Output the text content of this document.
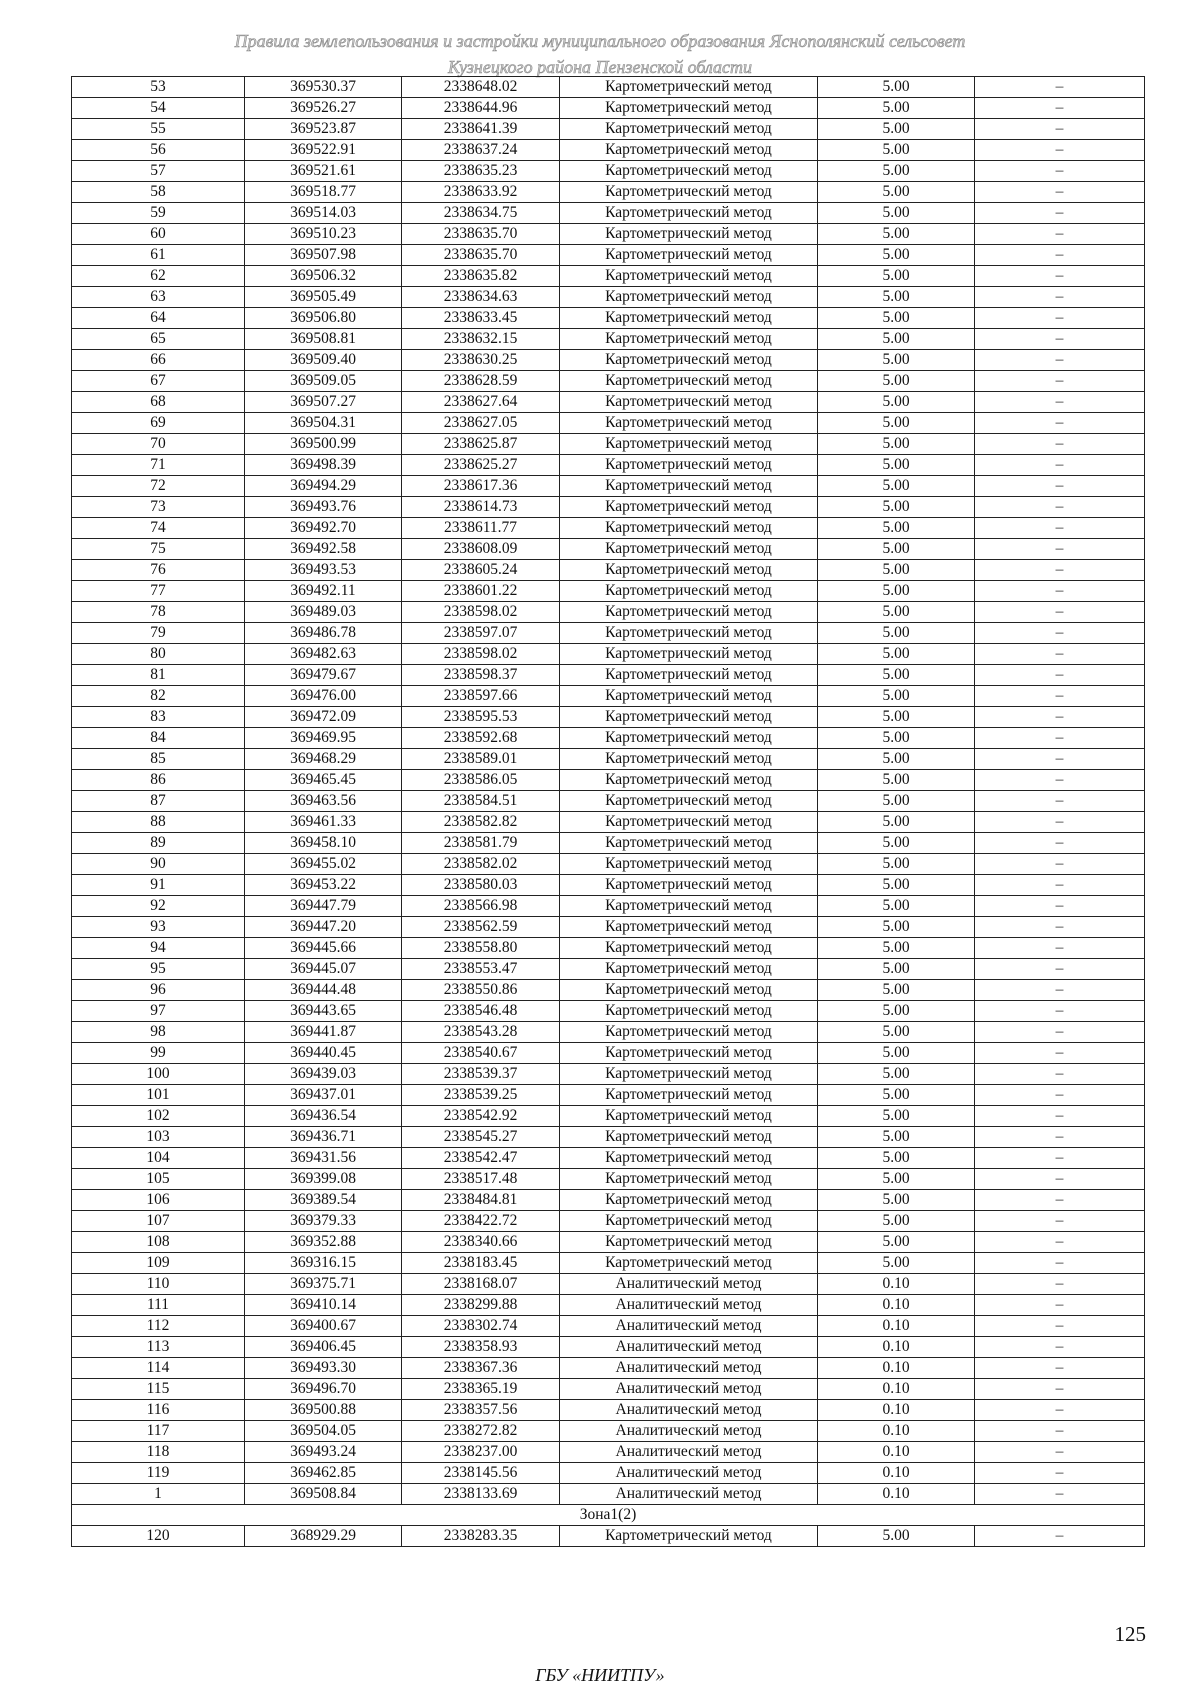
Правила землепользования и застройки муниципального образования Яснополянский сельсовет
Кузнецкого района Пензенской области
53	369530.37	2338648.02	Картометрический метод	5.00	–
54	369526.27	2338644.96	Картометрический метод	5.00	–
55	369523.87	2338641.39	Картометрический метод	5.00	–
56	369522.91	2338637.24	Картометрический метод	5.00	–
57	369521.61	2338635.23	Картометрический метод	5.00	–
58	369518.77	2338633.92	Картометрический метод	5.00	–
59	369514.03	2338634.75	Картометрический метод	5.00	–
60	369510.23	2338635.70	Картометрический метод	5.00	–
61	369507.98	2338635.70	Картометрический метод	5.00	–
62	369506.32	2338635.82	Картометрический метод	5.00	–
63	369505.49	2338634.63	Картометрический метод	5.00	–
64	369506.80	2338633.45	Картометрический метод	5.00	–
65	369508.81	2338632.15	Картометрический метод	5.00	–
66	369509.40	2338630.25	Картометрический метод	5.00	–
67	369509.05	2338628.59	Картометрический метод	5.00	–
68	369507.27	2338627.64	Картометрический метод	5.00	–
69	369504.31	2338627.05	Картометрический метод	5.00	–
70	369500.99	2338625.87	Картометрический метод	5.00	–
71	369498.39	2338625.27	Картометрический метод	5.00	–
72	369494.29	2338617.36	Картометрический метод	5.00	–
73	369493.76	2338614.73	Картометрический метод	5.00	–
74	369492.70	2338611.77	Картометрический метод	5.00	–
75	369492.58	2338608.09	Картометрический метод	5.00	–
76	369493.53	2338605.24	Картометрический метод	5.00	–
77	369492.11	2338601.22	Картометрический метод	5.00	–
78	369489.03	2338598.02	Картометрический метод	5.00	–
79	369486.78	2338597.07	Картометрический метод	5.00	–
80	369482.63	2338598.02	Картометрический метод	5.00	–
81	369479.67	2338598.37	Картометрический метод	5.00	–
82	369476.00	2338597.66	Картометрический метод	5.00	–
83	369472.09	2338595.53	Картометрический метод	5.00	–
84	369469.95	2338592.68	Картометрический метод	5.00	–
85	369468.29	2338589.01	Картометрический метод	5.00	–
86	369465.45	2338586.05	Картометрический метод	5.00	–
87	369463.56	2338584.51	Картометрический метод	5.00	–
88	369461.33	2338582.82	Картометрический метод	5.00	–
89	369458.10	2338581.79	Картометрический метод	5.00	–
90	369455.02	2338582.02	Картометрический метод	5.00	–
91	369453.22	2338580.03	Картометрический метод	5.00	–
92	369447.79	2338566.98	Картометрический метод	5.00	–
93	369447.20	2338562.59	Картометрический метод	5.00	–
94	369445.66	2338558.80	Картометрический метод	5.00	–
95	369445.07	2338553.47	Картометрический метод	5.00	–
96	369444.48	2338550.86	Картометрический метод	5.00	–
97	369443.65	2338546.48	Картометрический метод	5.00	–
98	369441.87	2338543.28	Картометрический метод	5.00	–
99	369440.45	2338540.67	Картометрический метод	5.00	–
100	369439.03	2338539.37	Картометрический метод	5.00	–
101	369437.01	2338539.25	Картометрический метод	5.00	–
102	369436.54	2338542.92	Картометрический метод	5.00	–
103	369436.71	2338545.27	Картометрический метод	5.00	–
104	369431.56	2338542.47	Картометрический метод	5.00	–
105	369399.08	2338517.48	Картометрический метод	5.00	–
106	369389.54	2338484.81	Картометрический метод	5.00	–
107	369379.33	2338422.72	Картометрический метод	5.00	–
108	369352.88	2338340.66	Картометрический метод	5.00	–
109	369316.15	2338183.45	Картометрический метод	5.00	–
110	369375.71	2338168.07	Аналитический метод	0.10	–
111	369410.14	2338299.88	Аналитический метод	0.10	–
112	369400.67	2338302.74	Аналитический метод	0.10	–
113	369406.45	2338358.93	Аналитический метод	0.10	–
114	369493.30	2338367.36	Аналитический метод	0.10	–
115	369496.70	2338365.19	Аналитический метод	0.10	–
116	369500.88	2338357.56	Аналитический метод	0.10	–
117	369504.05	2338272.82	Аналитический метод	0.10	–
118	369493.24	2338237.00	Аналитический метод	0.10	–
119	369462.85	2338145.56	Аналитический метод	0.10	–
1	369508.84	2338133.69	Аналитический метод	0.10	–
Зона1(2)					
120	368929.29	2338283.35	Картометрический метод	5.00	–
125
ГБУ «НИИТПУ»
